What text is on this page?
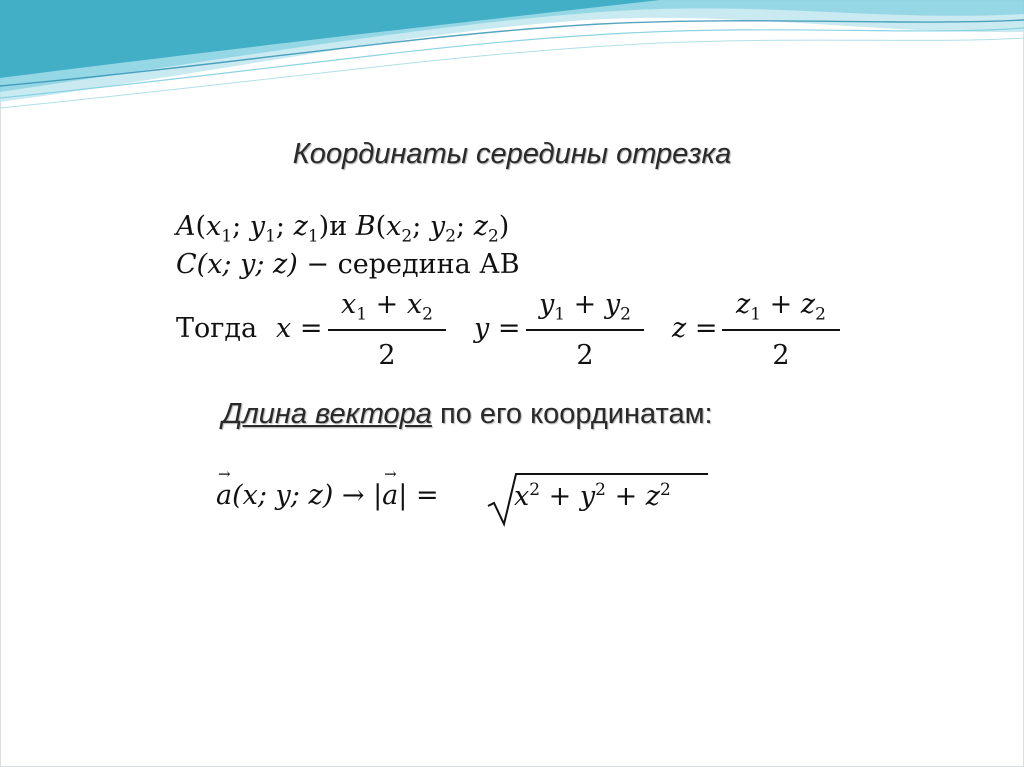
Координаты середины отрезка
$A(x_1$; $y_1$; $z_1)и$ $B(x_2$; $y_2$; $z_2$)
C(x; y; z) − середина АВ
Тогда x =
$x_1 + x_2$
2
y =
$y_1 + y_2$
2
z =
$z_1 + z_2$
2
Длина вектора по его координатам:
→ a(x; y; z) → |→ a| =	$x^2 + y^2 + z^2$
